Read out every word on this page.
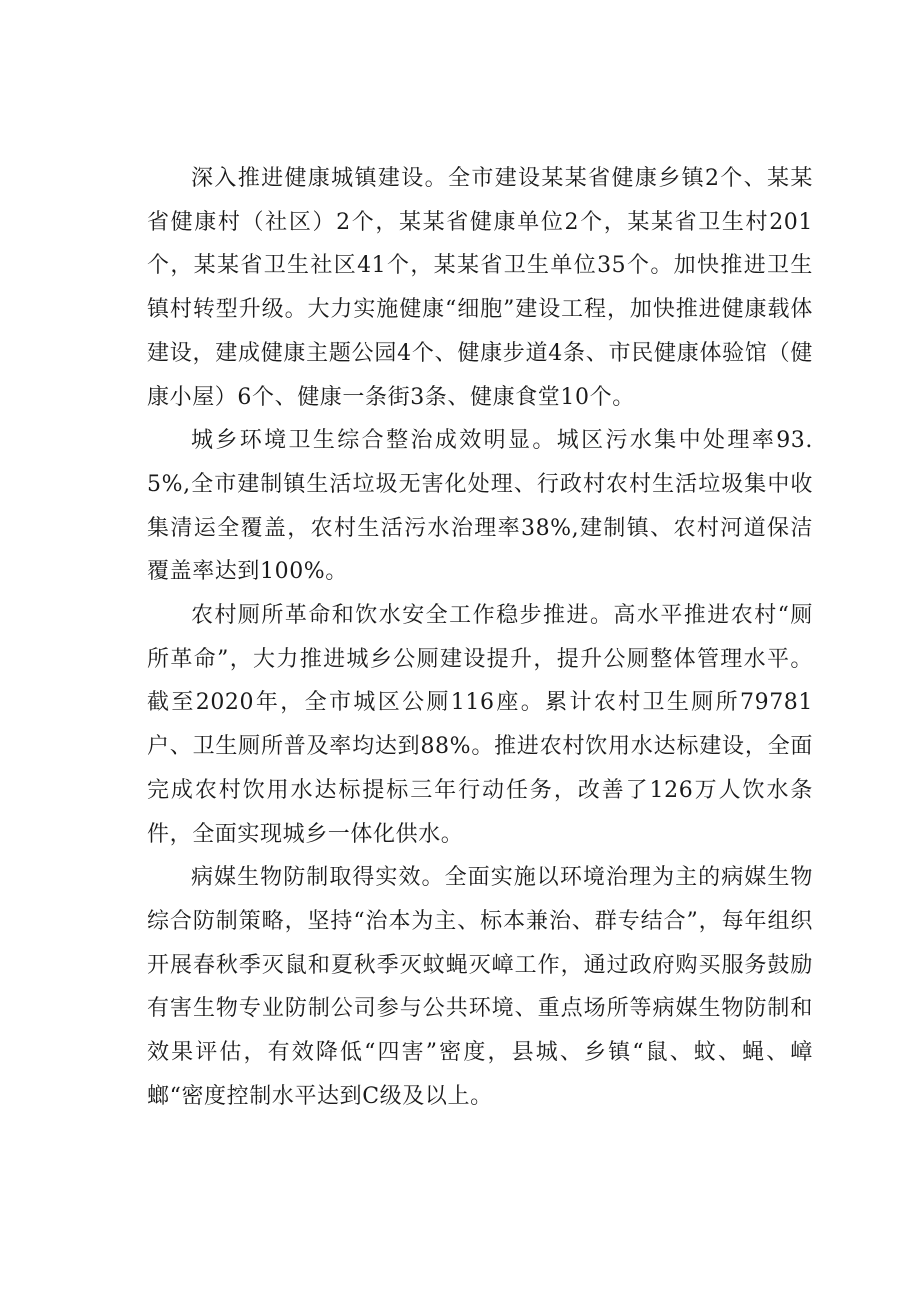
深入推进健康城镇建设。全市建设某某省健康乡镇2个、某某省健康村（社区）2个，某某省健康单位2个，某某省卫生村201个，某某省卫生社区41个，某某省卫生单位35个。加快推进卫生镇村转型升级。大力实施健康“细胞”建设工程，加快推进健康载体建设，建成健康主题公园4个、健康步道4条、市民健康体验馆（健康小屋）6个、健康一条街3条、健康食堂10个。

城乡环境卫生综合整治成效明显。城区污水集中处理率93.5%,全市建制镇生活垃圾无害化处理、行政村农村生活垃圾集中收集清运全覆盖，农村生活污水治理率38%,建制镇、农村河道保洁覆盖率达到100%。

农村厕所革命和饮水安全工作稳步推进。高水平推进农村“厕所革命”，大力推进城乡公厕建设提升，提升公厕整体管理水平。截至2020年，全市城区公厕116座。累计农村卫生厕所79781户、卫生厕所普及率均达到88%。推进农村饮用水达标建设，全面完成农村饮用水达标提标三年行动任务，改善了126万人饮水条件，全面实现城乡一体化供水。

病媒生物防制取得实效。全面实施以环境治理为主的病媒生物综合防制策略，坚持“治本为主、标本兼治、群专结合”，每年组织开展春秋季灭鼠和夏秋季灭蚊蝇灭嶂工作，通过政府购买服务鼓励有害生物专业防制公司参与公共环境、重点场所等病媒生物防制和效果评估，有效降低“四害”密度，县城、乡镇“鼠、蚊、蝇、嶂螂“密度控制水平达到C级及以上。
